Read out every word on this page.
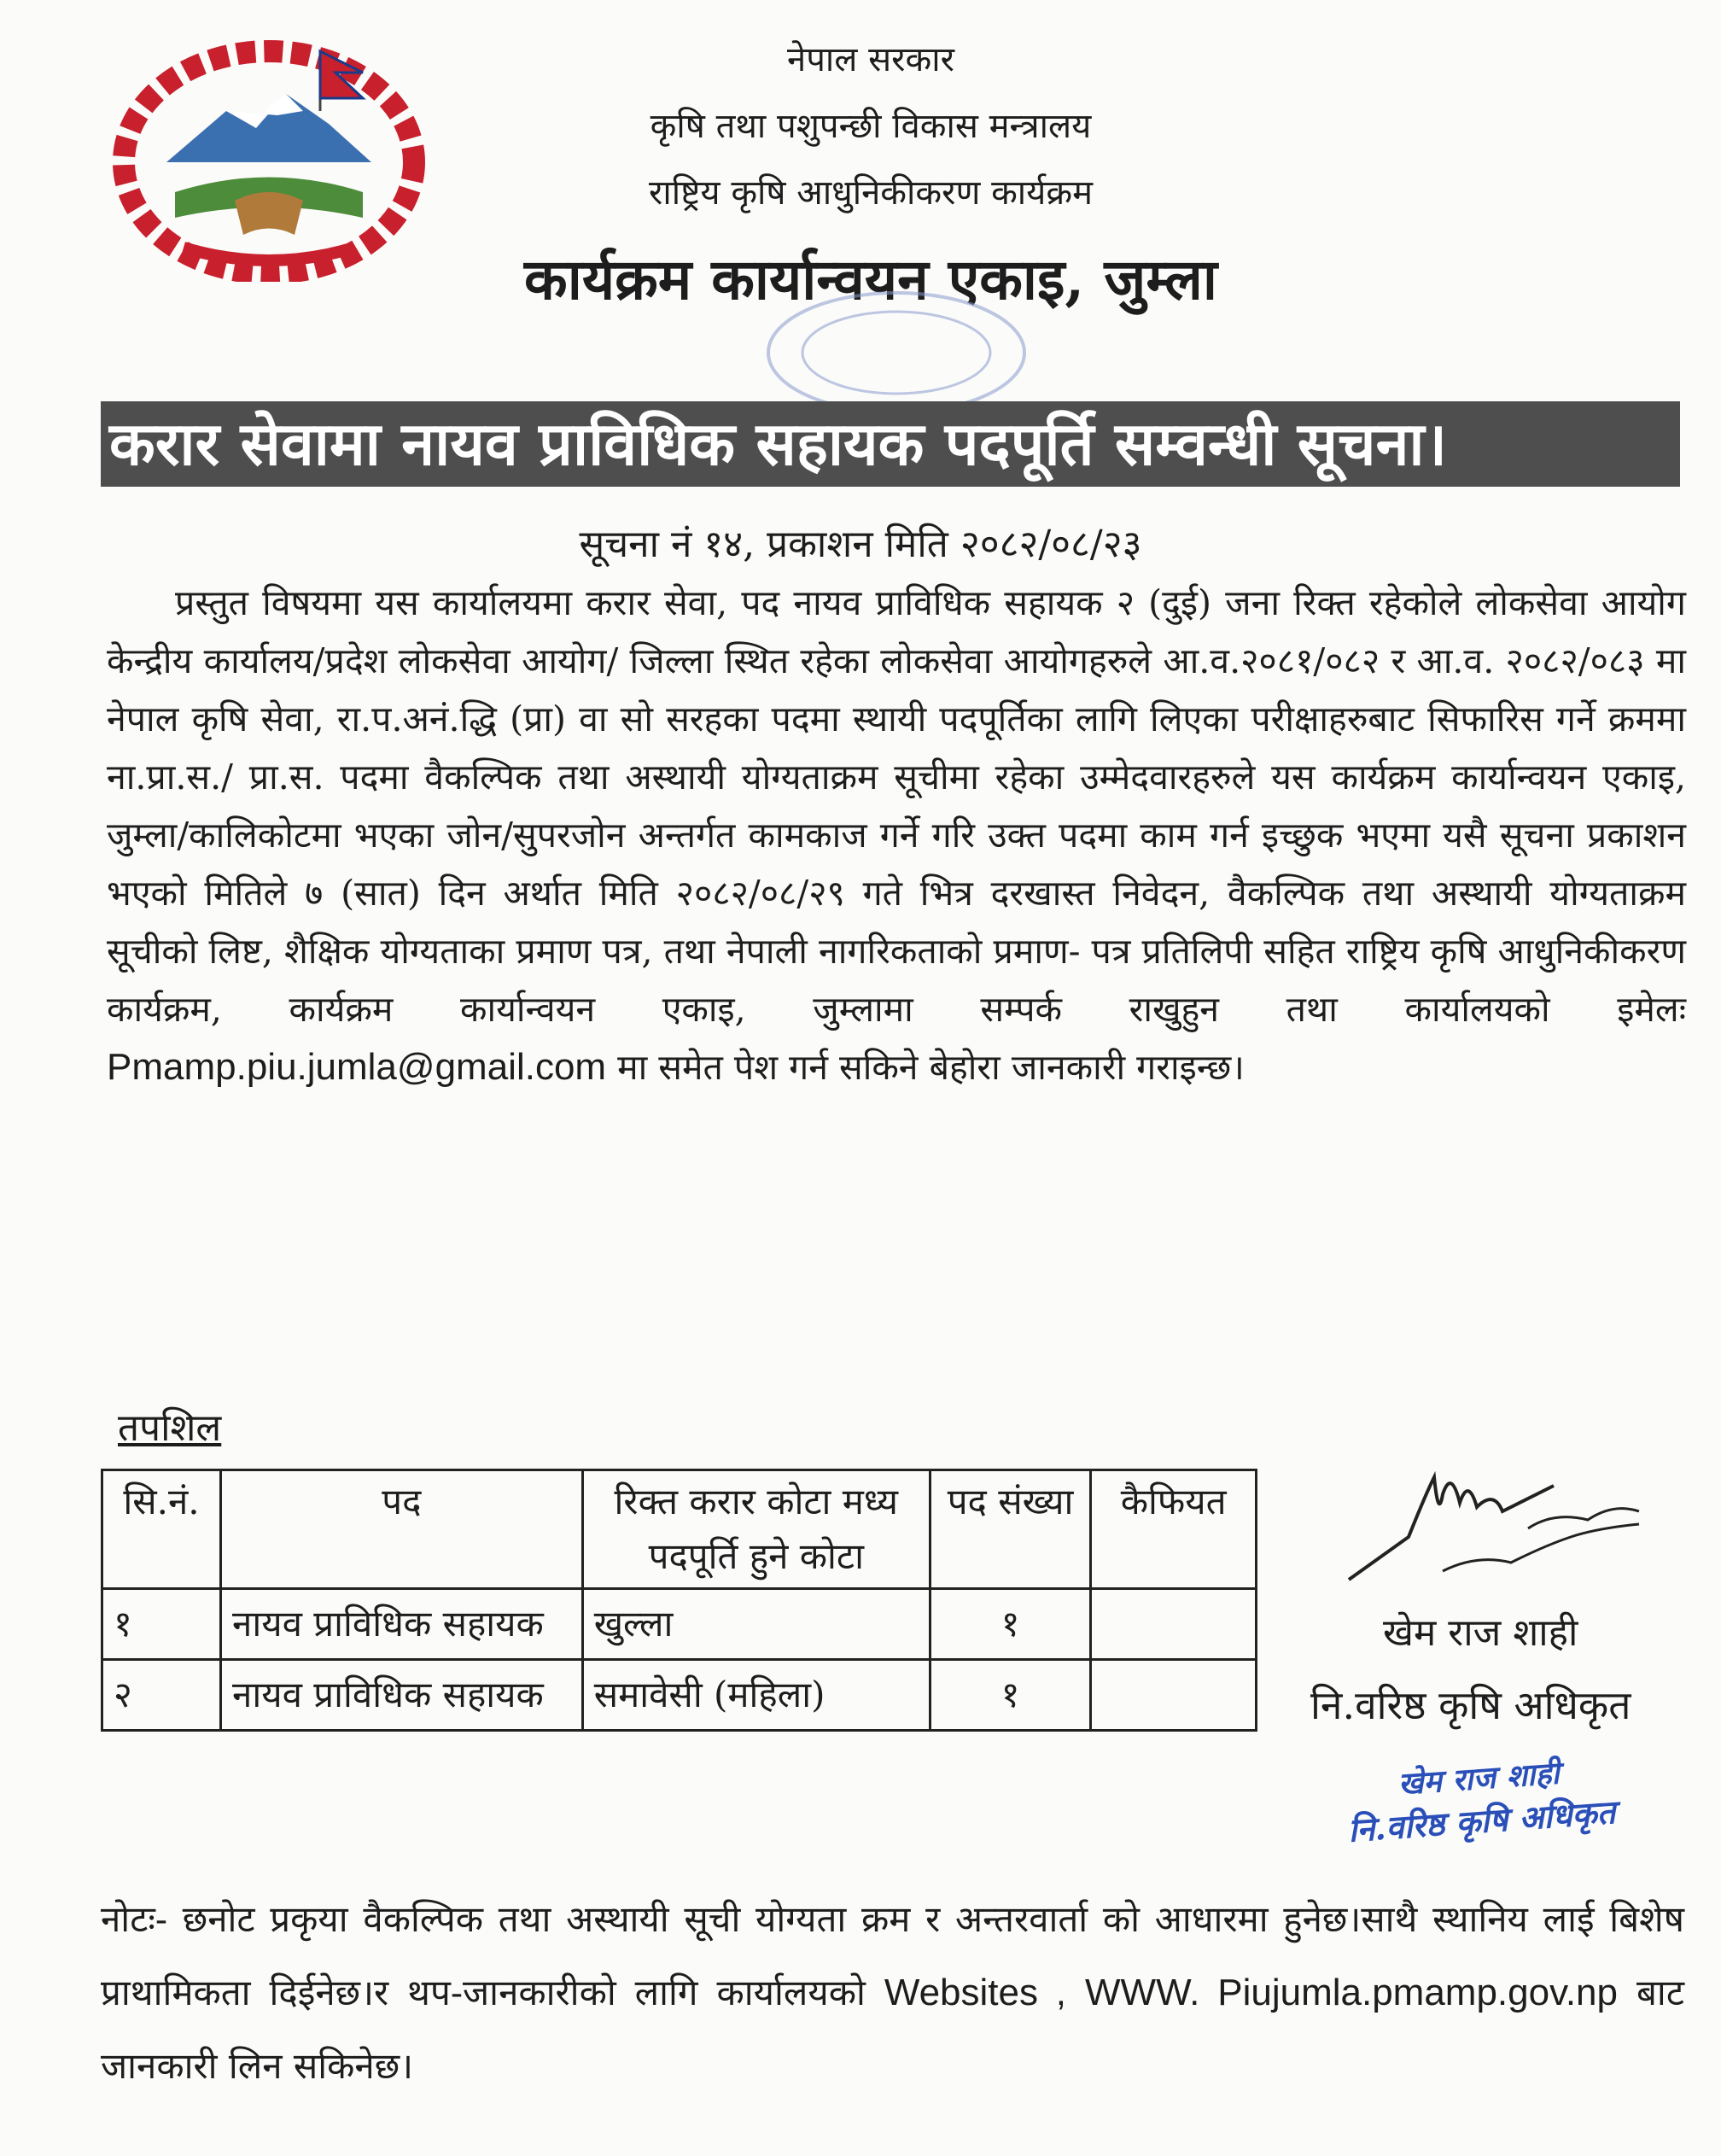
नेपाल सरकार
कृषि तथा पशुपन्छी विकास मन्त्रालय
राष्ट्रिय कृषि आधुनिकीकरण कार्यक्रम
कार्यक्रम कार्यान्वयन एकाइ, जुम्ला
करार सेवामा नायव प्राविधिक सहायक पदपूर्ति सम्वन्धी सूचना।
सूचना नं १४, प्रकाशन मिति २०८२/०८/२३
प्रस्तुत विषयमा यस कार्यालयमा करार सेवा, पद नायव प्राविधिक सहायक २ (दुई) जना रिक्त रहेकोले लोकसेवा आयोग केन्द्रीय कार्यालय/प्रदेश लोकसेवा आयोग/ जिल्ला स्थित रहेका लोकसेवा आयोगहरुले आ.व.२०८१/०८२ र आ.व. २०८२/०८३ मा नेपाल कृषि सेवा, रा.प.अनं.द्धि (प्रा) वा सो सरहका पदमा स्थायी पदपूर्तिका लागि लिएका परीक्षाहरुबाट सिफारिस गर्ने क्रममा ना.प्रा.स./ प्रा.स. पदमा वैकल्पिक तथा अस्थायी योग्यताक्रम सूचीमा रहेका उम्मेदवारहरुले यस कार्यक्रम कार्यान्वयन एकाइ, जुम्ला/कालिकोटमा भएका जोन/सुपरजोन अन्तर्गत कामकाज गर्ने गरि उक्त पदमा काम गर्न इच्छुक भएमा यसै सूचना प्रकाशन भएको मितिले ७ (सात) दिन अर्थात मिति २०८२/०८/२९ गते भित्र दरखास्त निवेदन, वैकल्पिक तथा अस्थायी योग्यताक्रम सूचीको लिष्ट, शैक्षिक योग्यताका प्रमाण पत्र, तथा नेपाली नागरिकताको प्रमाण- पत्र प्रतिलिपी सहित राष्ट्रिय कृषि आधुनिकीकरण कार्यक्रम, कार्यक्रम कार्यान्वयन एकाइ, जुम्लामा सम्पर्क राखुहुन तथा कार्यालयको इमेलः Pmamp.piu.jumla@gmail.com मा समेत पेश गर्न सकिने बेहोरा जानकारी गराइन्छ।
तपशिल
सि.नं.	पद	रिक्त करार कोटा मध्य पदपूर्ति हुने कोटा	पद संख्या	कैफियत
१	नायव प्राविधिक सहायक	खुल्ला	१	
२	नायव प्राविधिक सहायक	समावेसी (महिला)	१	
खेम राज शाही
नि.वरिष्ठ कृषि अधिकृत
खेम राज शाही
नि.वरिष्ठ कृषि अधिकृत
नोटः- छनोट प्रकृया वैकल्पिक तथा अस्थायी सूची योग्यता क्रम र अन्तरवार्ता को आधारमा हुनेछ।साथै स्थानिय लाई बिशेष प्राथामिकता दिईनेछ।र थप-जानकारीको लागि कार्यालयको Websites , WWW. Piujumla.pmamp.gov.np बाट जानकारी लिन सकिनेछ।
